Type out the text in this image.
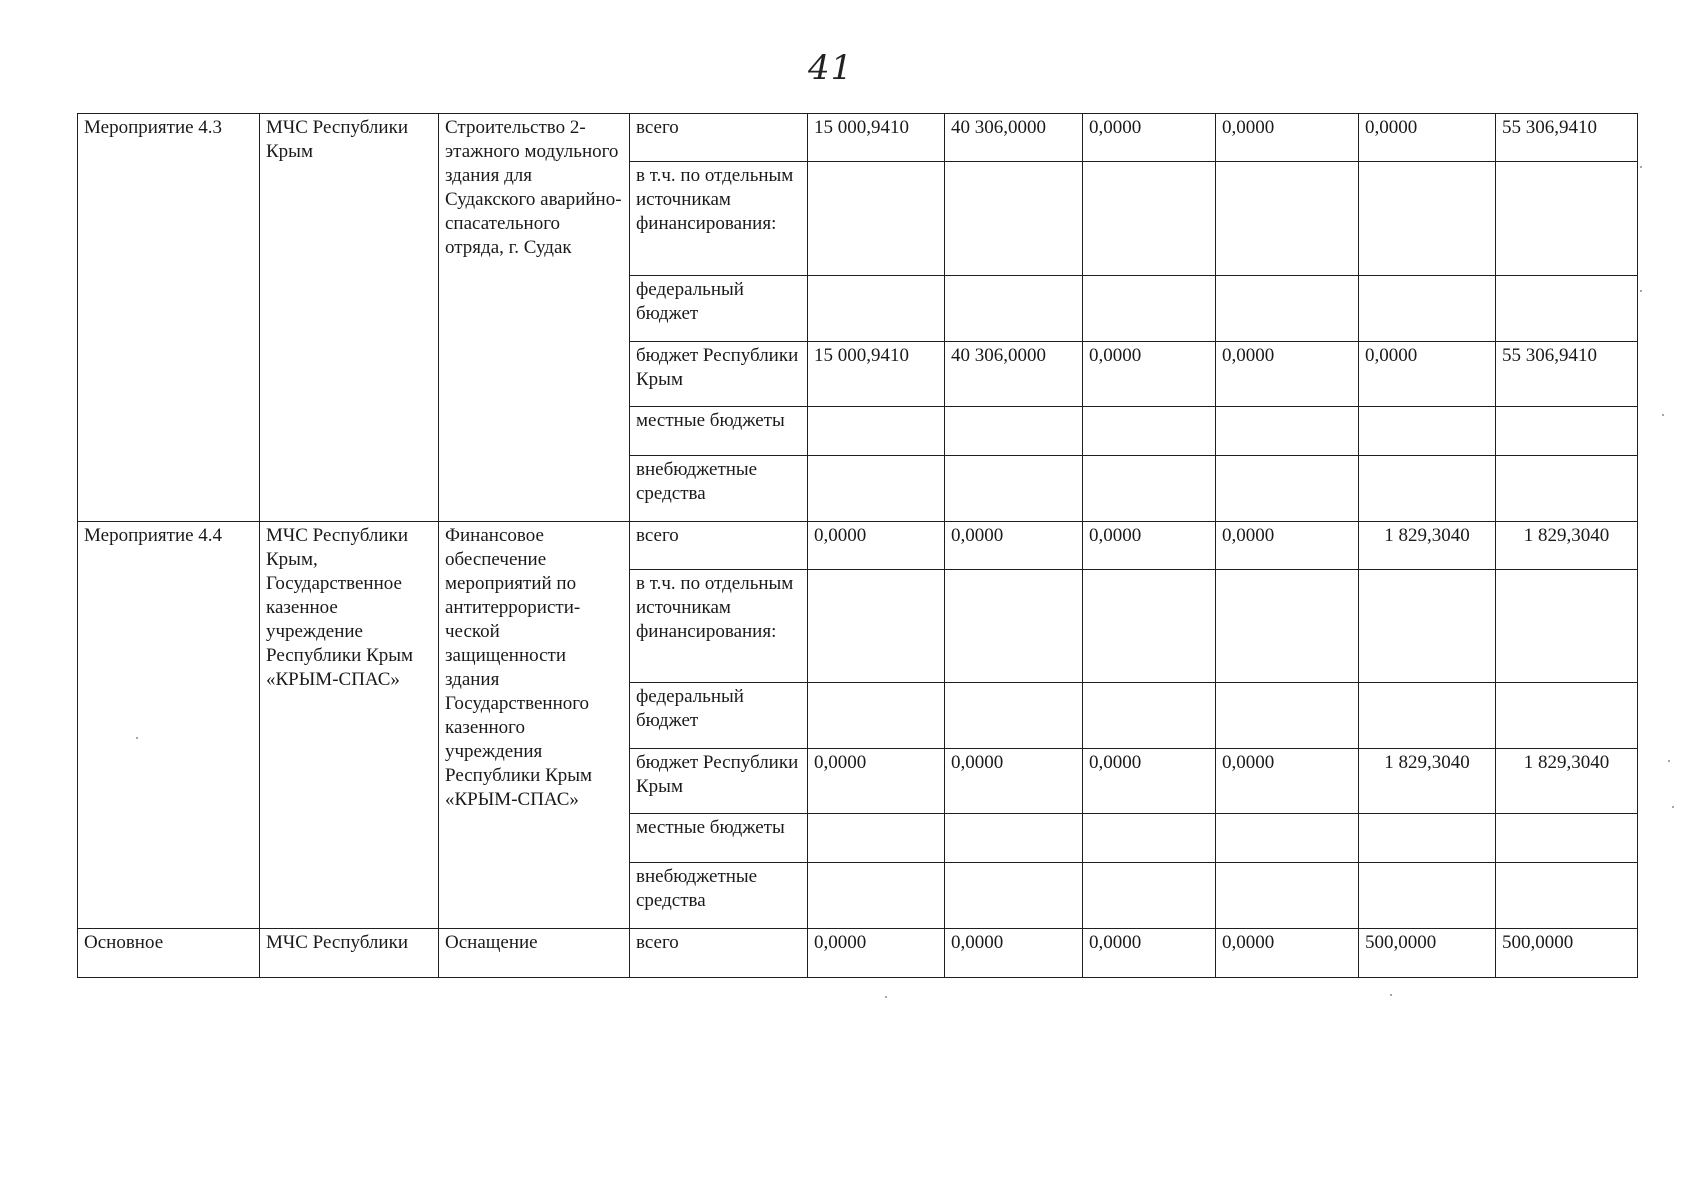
41
Мероприятие 4.3	МЧС Республики Крым	Строительство 2-этажного модульного здания для Судакского аварийно-спасательного отряда, г. Судак	всего	15 000,9410	40 306,0000	0,0000	0,0000	0,0000	55 306,9410
			в т.ч. по отдельным источникам финансирования:						
			федеральный бюджет						
			бюджет Республики Крым	15 000,9410	40 306,0000	0,0000	0,0000	0,0000	55 306,9410
			местные бюджеты						
			внебюджетные средства						
Мероприятие 4.4	МЧС Республики Крым, Государственное казенное учреждение Республики Крым «КРЫМ-СПАС»	Финансовое обеспечение мероприятий по антитеррористи-ческой защищенности здания Государственного казенного учреждения Республики Крым «КРЫМ-СПАС»	всего	0,0000	0,0000	0,0000	0,0000	1 829,3040	1 829,3040
			в т.ч. по отдельным источникам финансирования:						
			федеральный бюджет						
			бюджет Республики Крым	0,0000	0,0000	0,0000	0,0000	1 829,3040	1 829,3040
			местные бюджеты						
			внебюджетные средства						
Основное	МЧС Республики	Оснащение	всего	0,0000	0,0000	0,0000	0,0000	500,0000	500,0000
